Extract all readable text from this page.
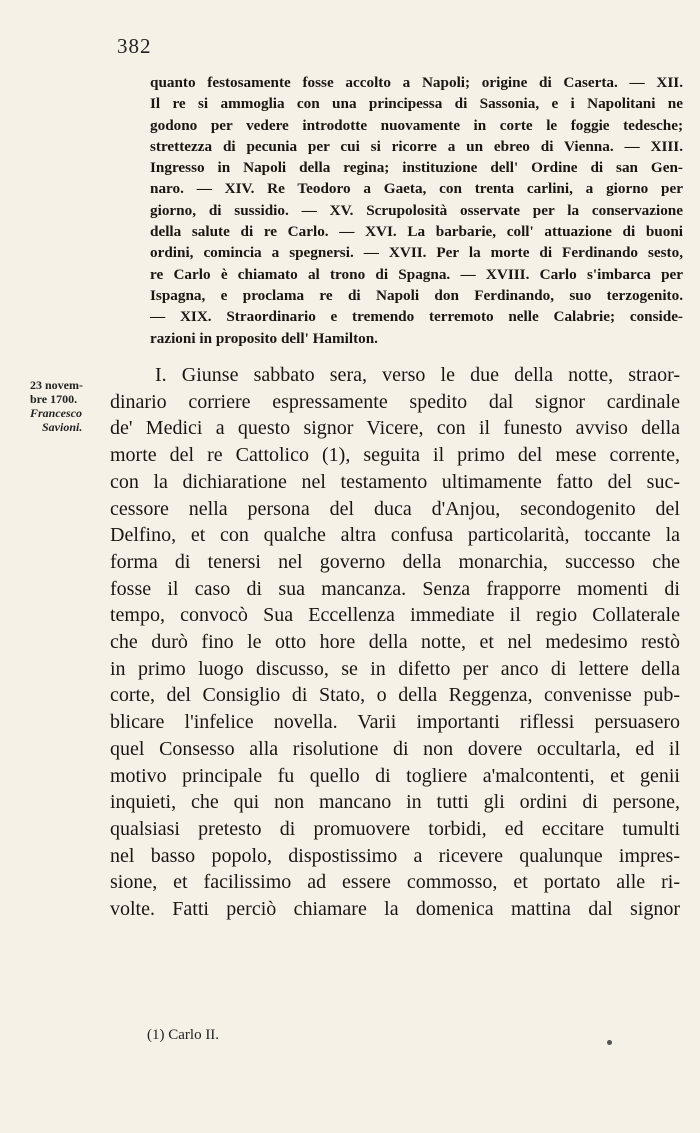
382
quanto festosamente fosse accolto a Napoli; origine di Caserta. — XII.
Il re si ammoglia con una principessa di Sassonia, e i Napolitani ne
godono per vedere introdotte nuovamente in corte le foggie tedesche;
strettezza di pecunia per cui si ricorre a un ebreo di Vienna. — XIII.
Ingresso in Napoli della regina; instituzione dell' Ordine di san Gen-
naro. — XIV. Re Teodoro a Gaeta, con trenta carlini, a giorno per
giorno, di sussidio. — XV. Scrupolosità osservate per la conservazione
della salute di re Carlo. — XVI. La barbarie, coll' attuazione di buoni
ordini, comincia a spegnersi. — XVII. Per la morte di Ferdinando sesto,
re Carlo è chiamato al trono di Spagna. — XVIII. Carlo s'imbarca per
Ispagna, e proclama re di Napoli don Ferdinando, suo terzogenito.
— XIX. Straordinario e tremendo terremoto nelle Calabrie; conside-
razioni in proposito dell' Hamilton.
23 novem-
bre 1700.
Francesco
Savioni.
I. Giunse sabbato sera, verso le due della notte, straor-
dinario corriere espressamente spedito dal signor cardinale
de' Medici a questo signor Vicere, con il funesto avviso della
morte del re Cattolico (1), seguita il primo del mese corrente,
con la dichiaratione nel testamento ultimamente fatto del suc-
cessore nella persona del duca d'Anjou, secondogenito del
Delfino, et con qualche altra confusa particolarità, toccante la
forma di tenersi nel governo della monarchia, successo che
fosse il caso di sua mancanza. Senza frapporre momenti di
tempo, convocò Sua Eccellenza immediate il regio Collaterale
che durò fino le otto hore della notte, et nel medesimo restò
in primo luogo discusso, se in difetto per anco di lettere della
corte, del Consiglio di Stato, o della Reggenza, convenisse pub-
blicare l'infelice novella. Varii importanti riflessi persuasero
quel Consesso alla risolutione di non dovere occultarla, ed il
motivo principale fu quello di togliere a'malcontenti, et genii
inquieti, che qui non mancano in tutti gli ordini di persone,
qualsiasi pretesto di promuovere torbidi, ed eccitare tumulti
nel basso popolo, dispostissimo a ricevere qualunque impres-
sione, et facilissimo ad essere commosso, et portato alle ri-
volte. Fatti perciò chiamare la domenica mattina dal signor
(1) Carlo II.
